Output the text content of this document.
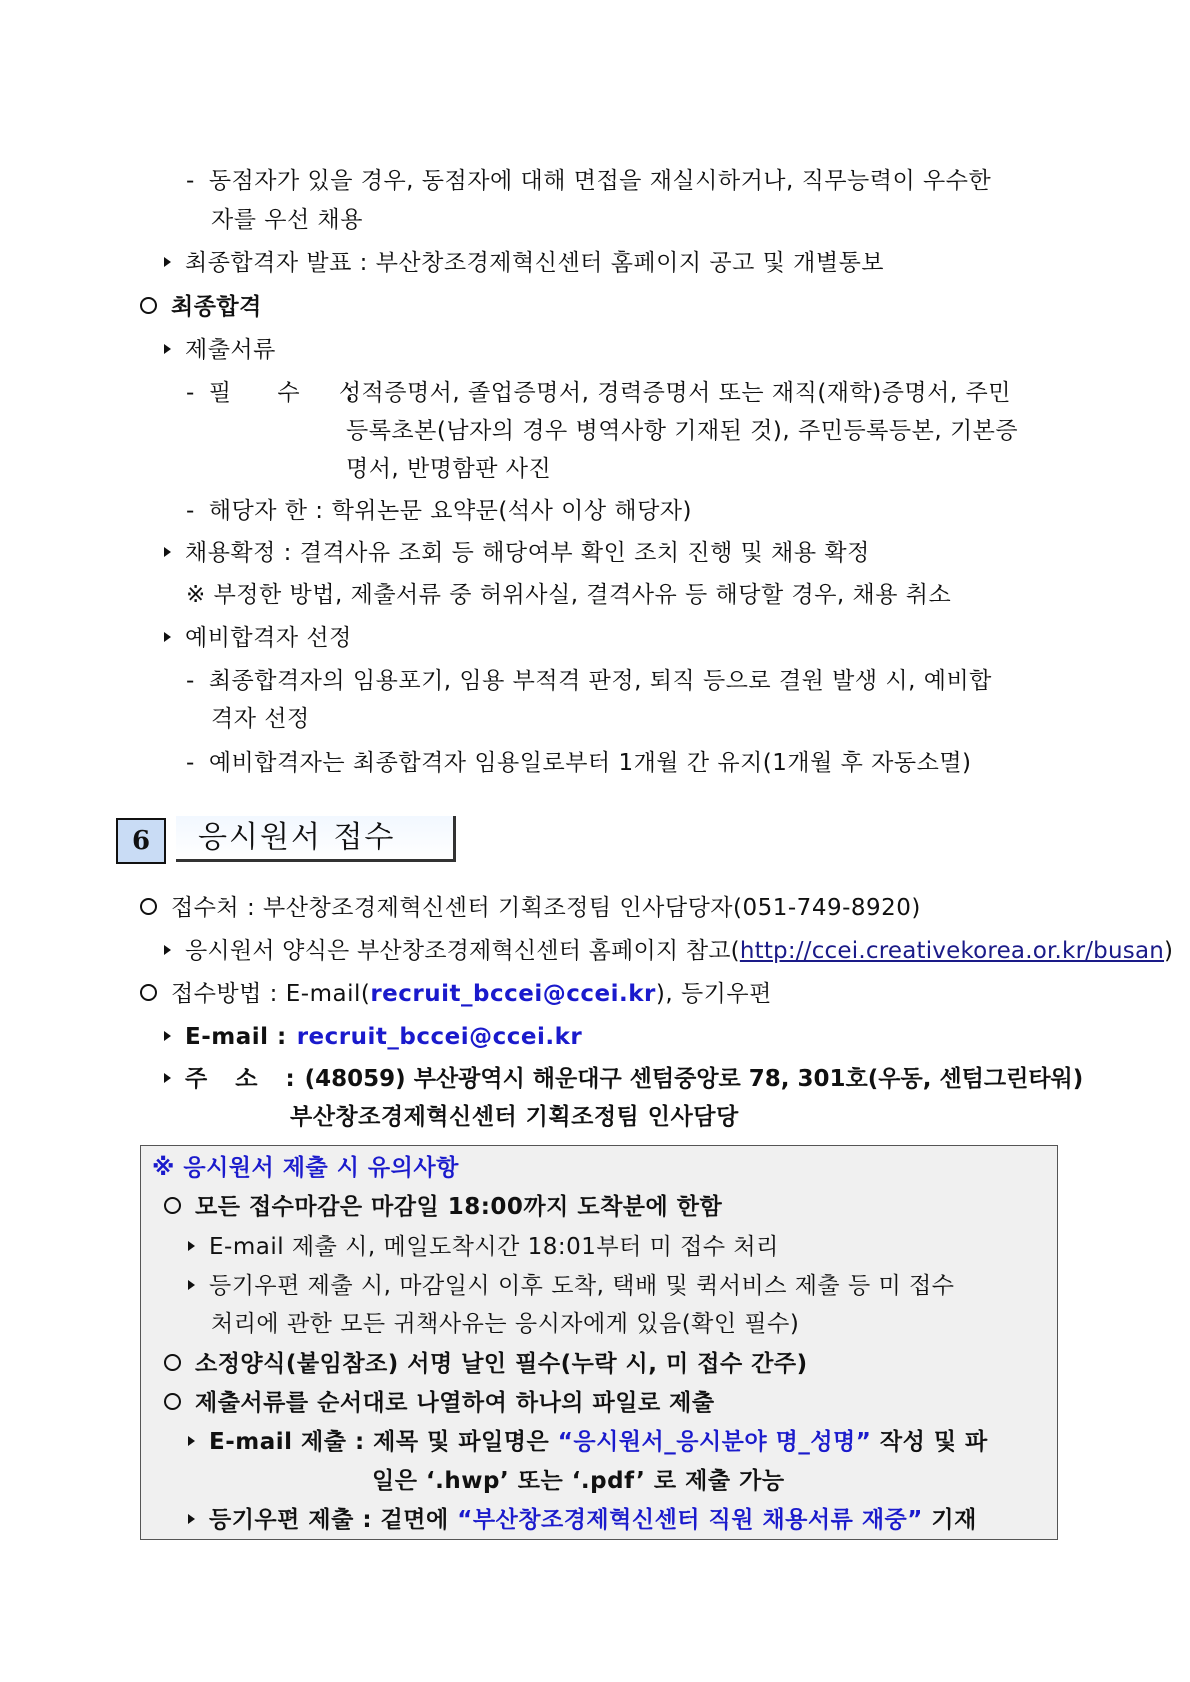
- 동점자가 있을 경우, 동점자에 대해 면접을 재실시하거나, 직무능력이 우수한
자를 우선 채용
최종합격자 발표 : 부산창조경제혁신센터 홈페이지 공고 및 개별통보
최종합격
제출서류
- 필 수 :성적증명서, 졸업증명서, 경력증명서 또는 재직(재학)증명서, 주민
등록초본(남자의 경우 병역사항 기재된 것), 주민등록등본, 기본증
명서, 반명함판 사진
- 해당자 한 : 학위논문 요약문(석사 이상 해당자)
채용확정 : 결격사유 조회 등 해당여부 확인 조치 진행 및 채용 확정
※ 부정한 방법, 제출서류 중 허위사실, 결격사유 등 해당할 경우, 채용 취소
예비합격자 선정
- 최종합격자의 임용포기, 임용 부적격 판정, 퇴직 등으로 결원 발생 시, 예비합
격자 선정
- 예비합격자는 최종합격자 임용일로부터 1개월 간 유지(1개월 후 자동소멸)
6	응시원서 접수
접수처 : 부산창조경제혁신센터 기획조정팀 인사담당자(051-749-8920)
응시원서 양식은 부산창조경제혁신센터 홈페이지 참고(http://ccei.creativekorea.or.kr/busan)
접수방법 : E-mail(recruit_bccei@ccei.kr), 등기우편
E-mail : recruit_bccei@ccei.kr
주 소 : (48059) 부산광역시 해운대구 센텀중앙로 78, 301호(우동, 센텀그린타워)
부산창조경제혁신센터 기획조정팀 인사담당
※ 응시원서 제출 시 유의사항
모든 접수마감은 마감일 18:00까지 도착분에 한함
E-mail 제출 시, 메일도착시간 18:01부터 미 접수 처리
등기우편 제출 시, 마감일시 이후 도착, 택배 및 퀵서비스 제출 등 미 접수
처리에 관한 모든 귀책사유는 응시자에게 있음(확인 필수)
소정양식(붙임참조) 서명 날인 필수(누락 시, 미 접수 간주)
제출서류를 순서대로 나열하여 하나의 파일로 제출
E-mail 제출 : 제목 및 파일명은 “응시원서_응시분야 명_성명” 작성 및 파
일은 ‘.hwp’ 또는 ‘.pdf’ 로 제출 가능
등기우편 제출 : 겉면에 “부산창조경제혁신센터 직원 채용서류 재중” 기재
